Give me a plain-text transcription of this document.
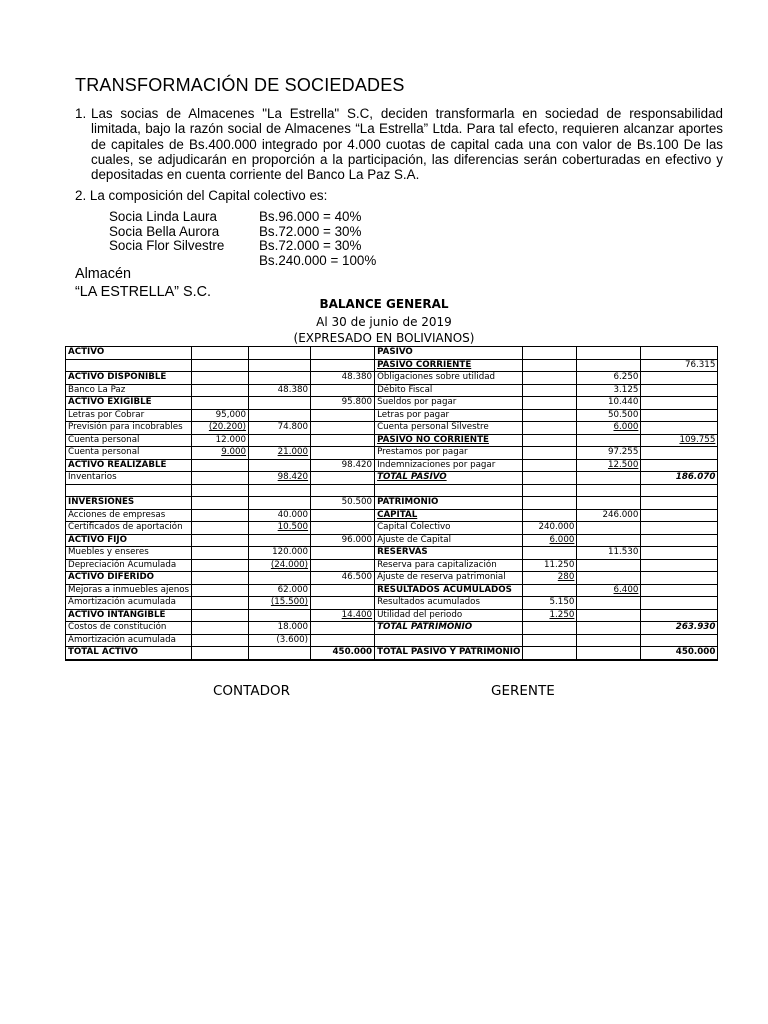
TRANSFORMACIÓN DE SOCIEDADES
1. Las socias de Almacenes "La Estrella" S.C, deciden transformarla en sociedad de responsabilidad limitada, bajo la razón social de Almacenes “La Estrella” Ltda. Para tal efecto, requieren alcanzar aportes de capitales de Bs.400.000 integrado por 4.000 cuotas de capital cada una con valor de Bs.100 De las cuales, se adjudicarán en proporción a la participación, las diferencias serán coberturadas en efectivo y depositadas en cuenta corriente del Banco La Paz S.A.
2. La composición del Capital colectivo es:
Socia Linda Laura	Bs.96.000 = 40%
Socia Bella Aurora	Bs.72.000 = 30%
Socia Flor Silvestre	Bs.72.000 = 30%
Bs.240.000 = 100%
Almacén
“LA ESTRELLA” S.C.
BALANCE GENERAL
Al 30 de junio de 2019
(EXPRESADO EN BOLIVIANOS)
ACTIVO				PASIVO			
				PASIVO CORRIENTE			76.315
ACTIVO DISPONIBLE			48.380	Obligaciones sobre utilidad		6.250	
Banco La Paz		48.380		Débito Fiscal		3.125	
ACTIVO EXIGIBLE			95.800	Sueldos por pagar		10.440	
Letras por Cobrar	95,000			Letras por pagar		50.500	
Previsión para incobrables	(20.200)	74.800		Cuenta personal Silvestre		6.000	
Cuenta personal	12.000			PASIVO NO CORRIENTE			109.755
Cuenta personal	9.000	21.000		Prestamos por pagar		97.255	
ACTIVO REALIZABLE			98.420	Indemnizaciones por pagar		12.500	
Inventarios		98.420		TOTAL PASIVO			186.070

INVERSIONES			50.500	PATRIMONIO			
Acciones de empresas		40.000		CAPITAL		246.000	
Certificados de aportación		10.500		Capital Colectivo	240.000		
ACTIVO FIJO			96.000	Ajuste de Capital	6.000		
Muebles y enseres		120.000		RESERVAS		11.530	
Depreciación Acumulada		(24.000)		Reserva para capitalización	11.250		
ACTIVO DIFERIDO			46.500	Ajuste de reserva patrimonial	280		
Mejoras a inmuebles ajenos		62.000		RESULTADOS ACUMULADOS		6.400	
Amortización acumulada		(15.500)		Resultados acumulados	5.150		
ACTIVO INTANGIBLE			14.400	Utilidad del periodo	1.250		
Costos de constitución		18.000		TOTAL PATRIMONIO			263.930
Amortización acumulada		(3.600)					
TOTAL ACTIVO			450.000	TOTAL PASIVO Y PATRIMONIO			450.000
CONTADOR	GERENTE
